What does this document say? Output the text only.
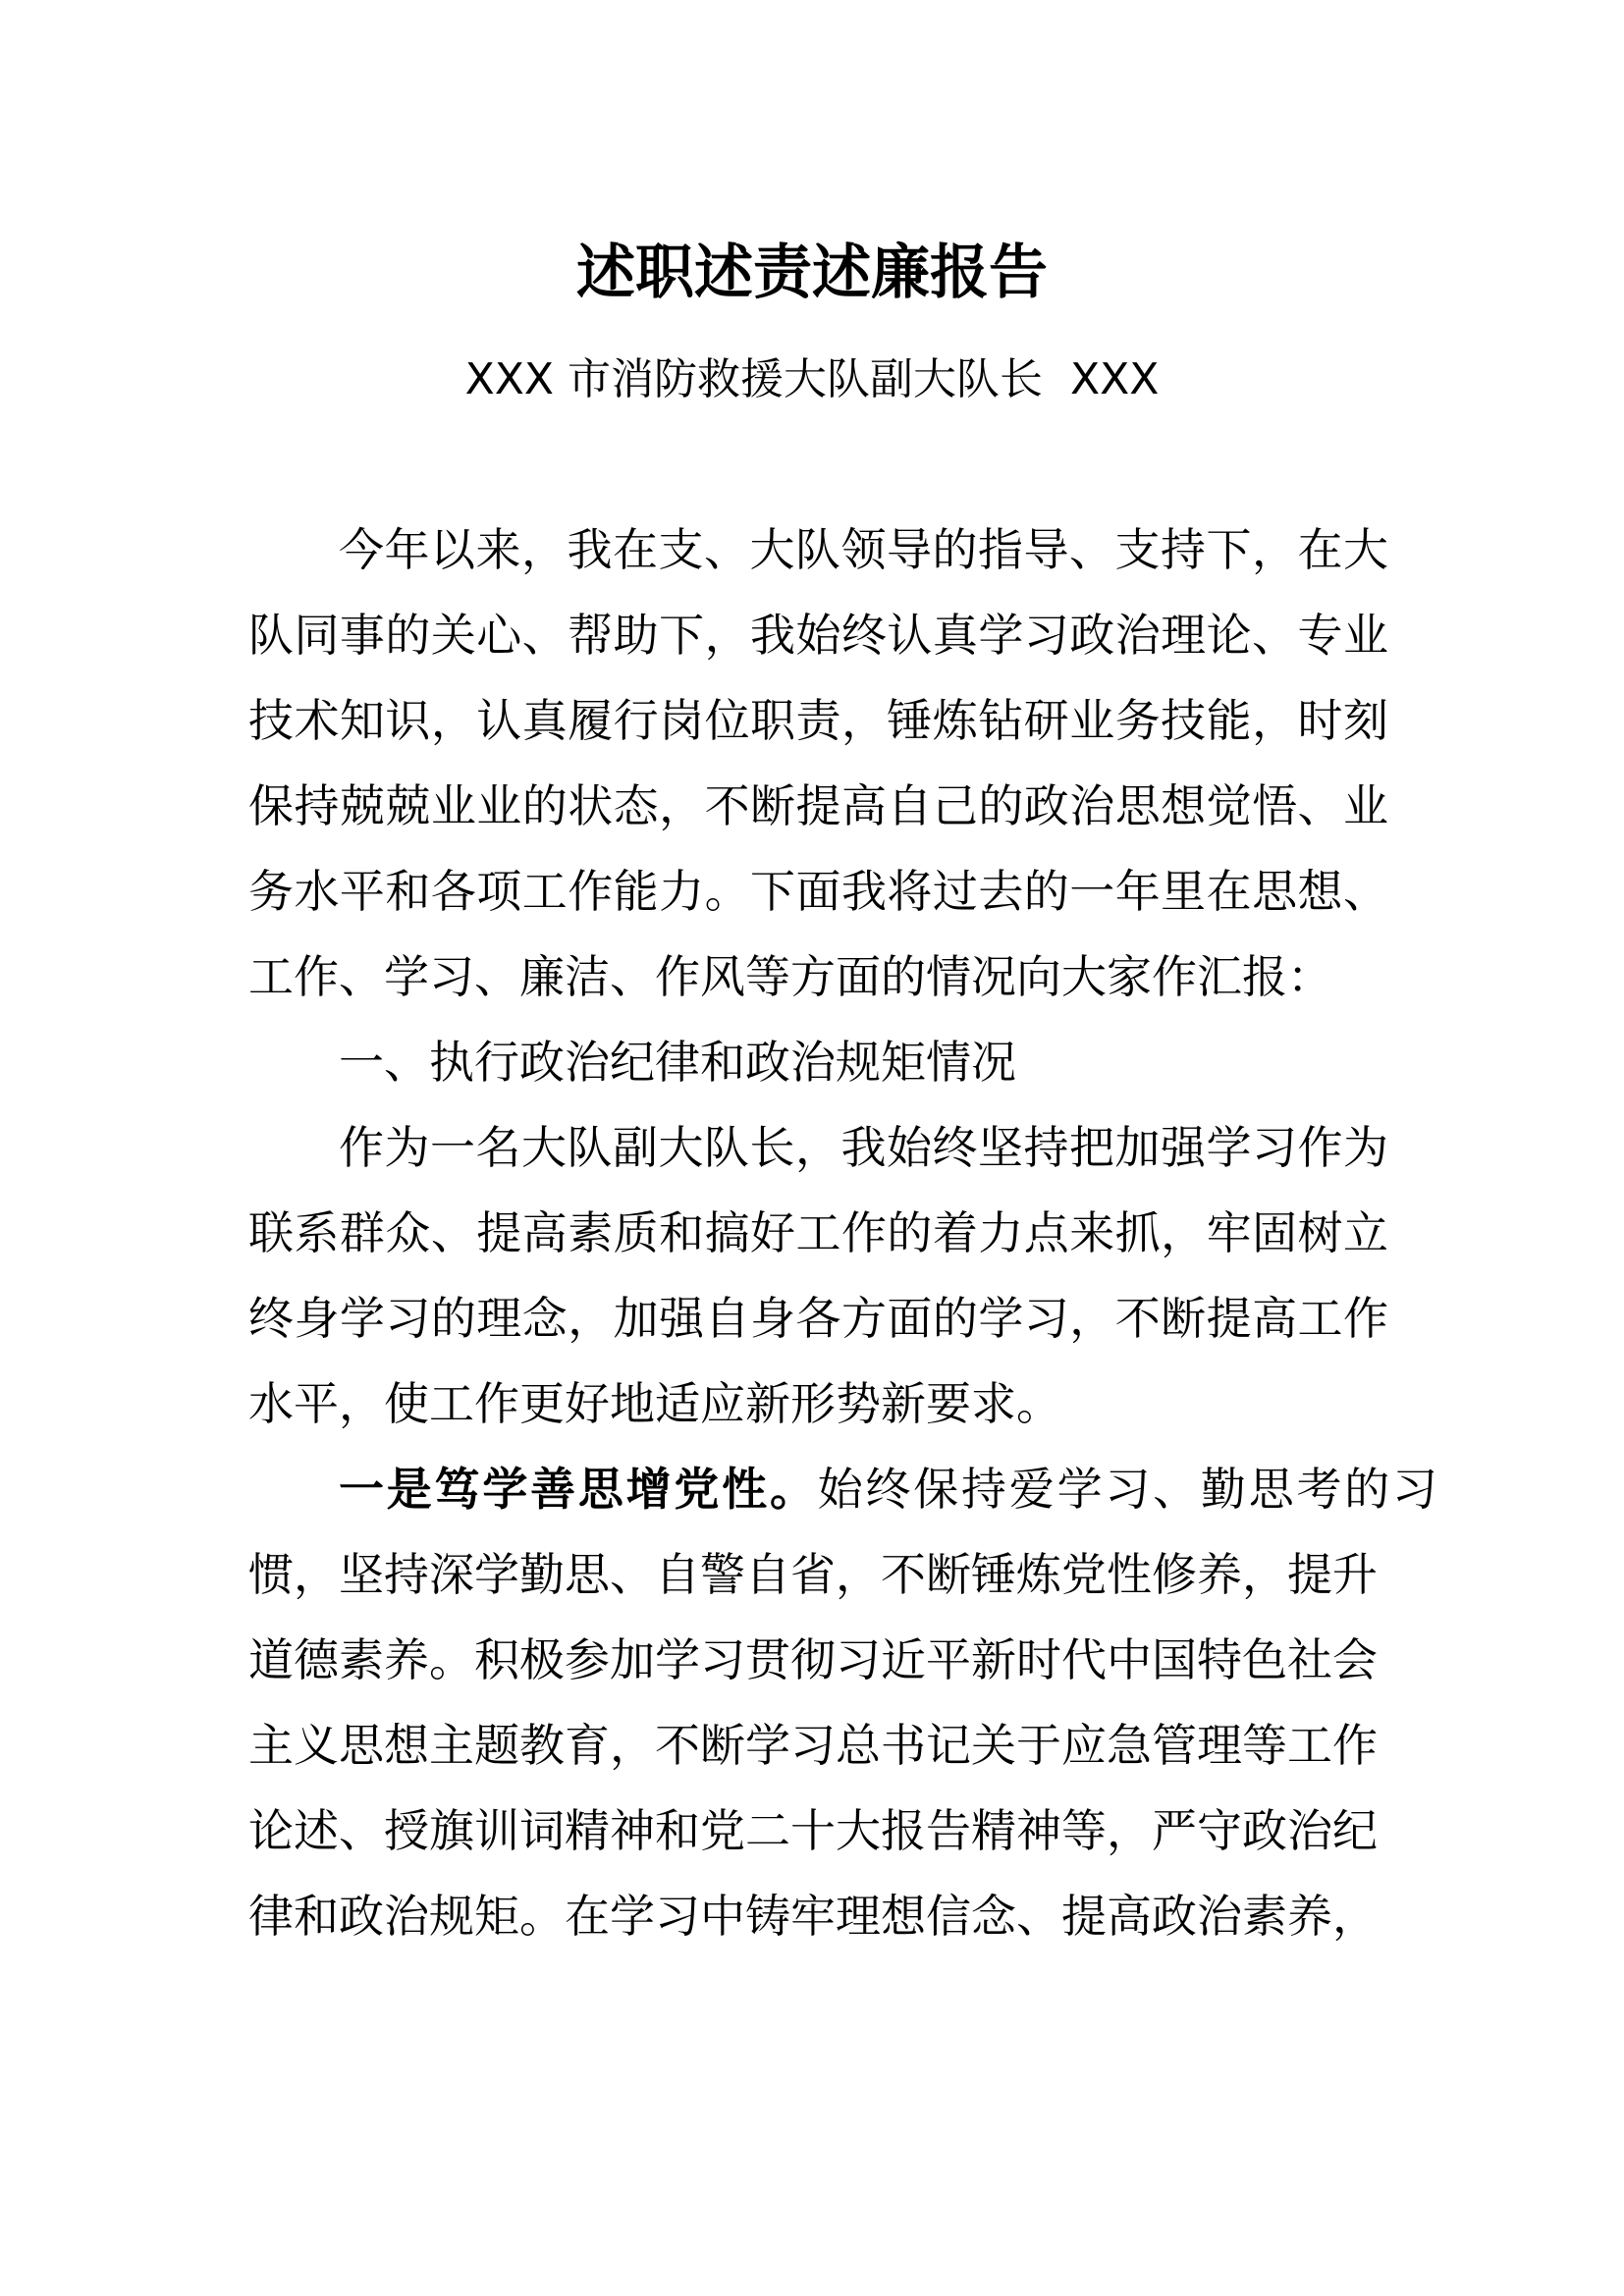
述职述责述廉报告
XXX 市消防救援大队副大队长  XXX
今年以来，我在支、大队领导的指导、支持下，在大
队同事的关心、帮助下，我始终认真学习政治理论、专业
技术知识，认真履行岗位职责，锤炼钻研业务技能，时刻
保持兢兢业业的状态，不断提高自己的政治思想觉悟、业
务水平和各项工作能力。下面我将过去的一年里在思想、
工作、学习、廉洁、作风等方面的情况向大家作汇报：
一、执行政治纪律和政治规矩情况
作为一名大队副大队长，我始终坚持把加强学习作为
联系群众、提高素质和搞好工作的着力点来抓，牢固树立
终身学习的理念，加强自身各方面的学习，不断提高工作
水平，使工作更好地适应新形势新要求。
一是笃学善思增党性。始终保持爱学习、勤思考的习
惯，坚持深学勤思、自警自省，不断锤炼党性修养，提升
道德素养。积极参加学习贯彻习近平新时代中国特色社会
主义思想主题教育，不断学习总书记关于应急管理等工作
论述、授旗训词精神和党二十大报告精神等，严守政治纪
律和政治规矩。在学习中铸牢理想信念、提高政治素养，
